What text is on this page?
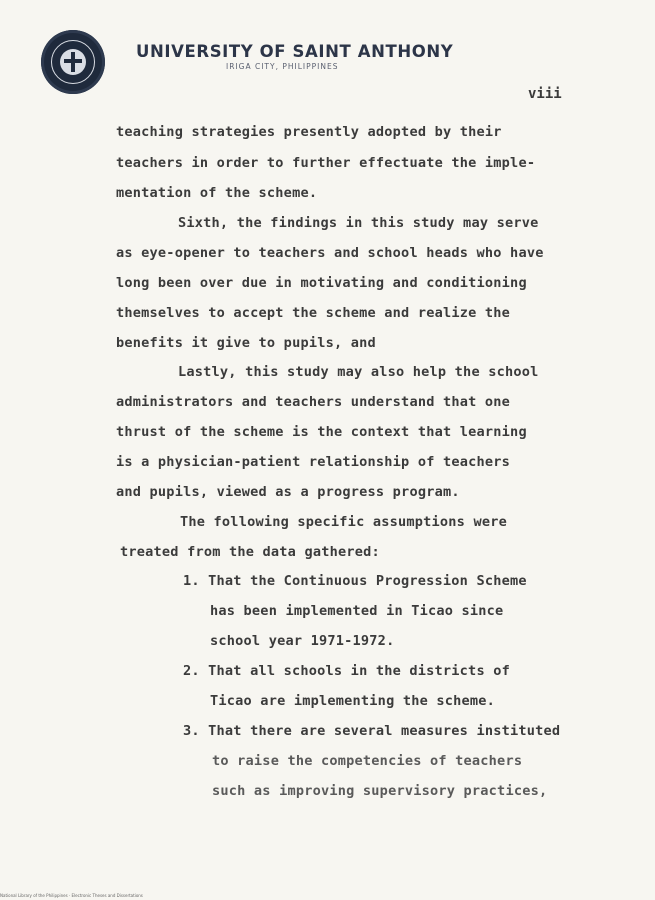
UNIVERSITY OF SAINT ANTHONY
IRIGA CITY, PHILIPPINES
viii
teaching strategies presently adopted by their
teachers in order to further effectuate the imple-
mentation of the scheme.
Sixth, the findings in this study may serve
as eye-opener to teachers and school heads who have
long been over due in motivating and conditioning
themselves to accept the scheme and realize the
benefits it give to pupils, and
Lastly, this study may also help the school
administrators and teachers understand that one
thrust of the scheme is the context that learning
is a physician-patient relationship of teachers
and pupils, viewed as a progress program.
The following specific assumptions were
treated from the data gathered:
1. That the Continuous Progression Scheme
has been implemented in Ticao since
school year 1971-1972.
2. That all schools in the districts of
Ticao are implementing the scheme.
3. That there are several measures instituted
to raise the competencies of teachers
such as improving supervisory practices,
National Library of the Philippines · Electronic Theses and Dissertations
